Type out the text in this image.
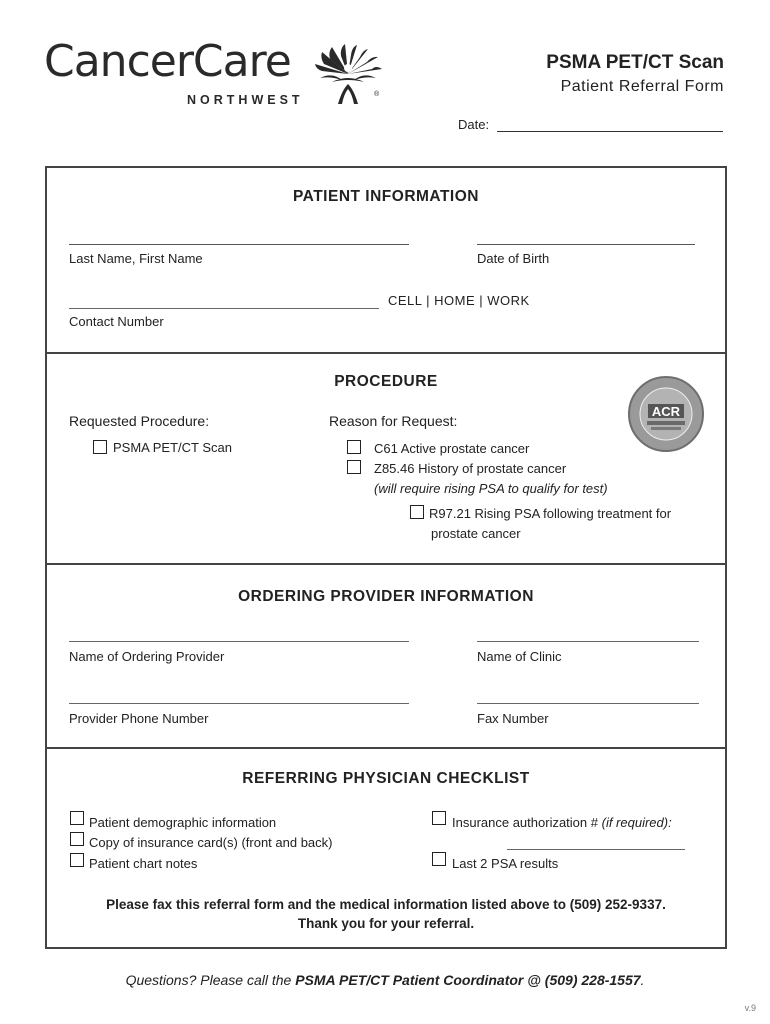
CancerCare
NORTHWEST	®
PSMA PET/CT Scan
Patient Referral Form
Date:
PATIENT INFORMATION
Last Name, First Name	Date of Birth
CELL | HOME | WORK
Contact Number
PROCEDURE
Requested Procedure:
PSMA PET/CT Scan
Reason for Request:
C61 Active prostate cancer
Z85.46 History of prostate cancer
(will require rising PSA to qualify for test)
R97.21 Rising PSA following treatment for
prostate cancer
ACR
ORDERING PROVIDER INFORMATION
Name of Ordering Provider	Name of Clinic
Provider Phone Number	Fax Number
REFERRING PHYSICIAN CHECKLIST
Patient demographic information
Copy of insurance card(s) (front and back)
Patient chart notes
Insurance authorization # (if required):
Last 2 PSA results
Please fax this referral form and the medical information listed above to (509) 252-9337.
Thank you for your referral.
Questions? Please call the PSMA PET/CT Patient Coordinator @ (509) 228-1557.
v.9
